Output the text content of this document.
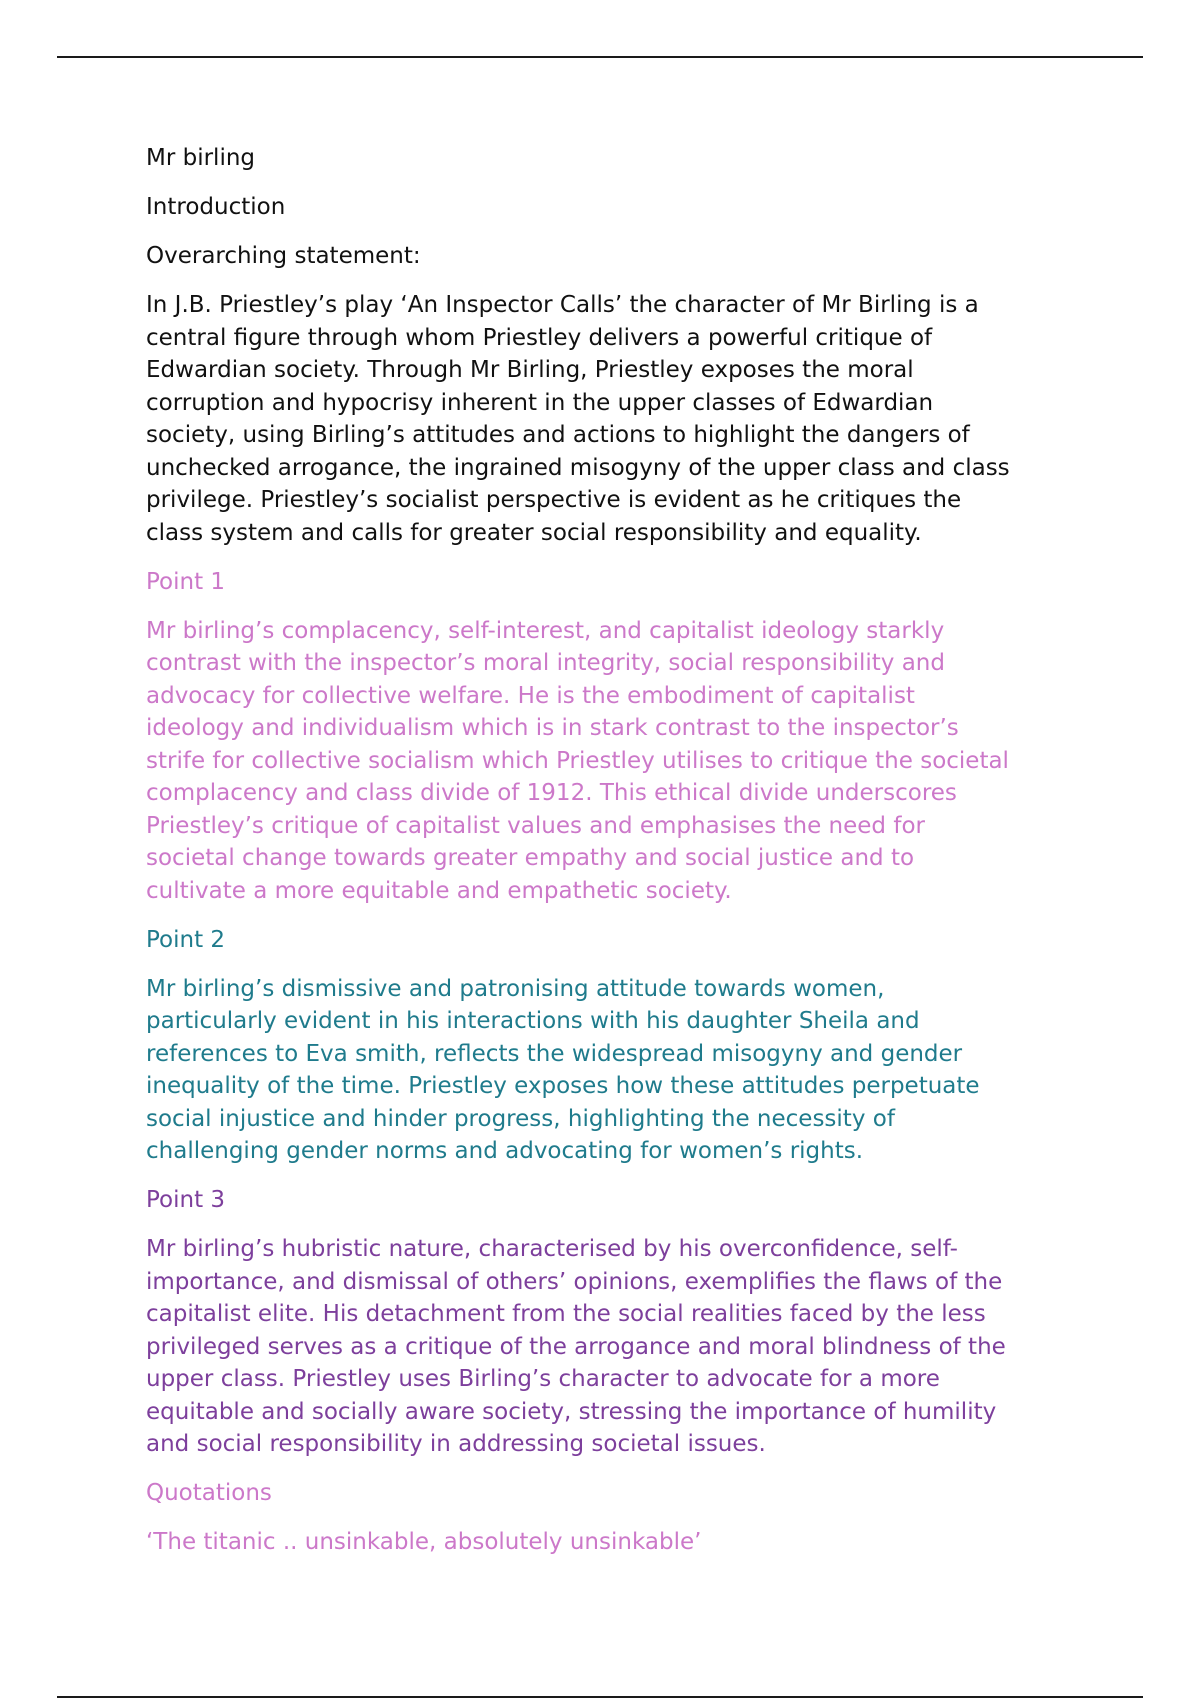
Mr birling
Introduction
Overarching statement:
In J.B. Priestley’s play ‘An Inspector Calls’ the character of Mr Birling is a
central figure through whom Priestley delivers a powerful critique of
Edwardian society. Through Mr Birling, Priestley exposes the moral
corruption and hypocrisy inherent in the upper classes of Edwardian
society, using Birling’s attitudes and actions to highlight the dangers of
unchecked arrogance, the ingrained misogyny of the upper class and class
privilege. Priestley’s socialist perspective is evident as he critiques the
class system and calls for greater social responsibility and equality.
Point 1
Mr birling’s complacency, self-interest, and capitalist ideology starkly
contrast with the inspector’s moral integrity, social responsibility and
advocacy for collective welfare. He is the embodiment of capitalist
ideology and individualism which is in stark contrast to the inspector’s
strife for collective socialism which Priestley utilises to critique the societal
complacency and class divide of 1912. This ethical divide underscores
Priestley’s critique of capitalist values and emphasises the need for
societal change towards greater empathy and social justice and to
cultivate a more equitable and empathetic society.
Point 2
Mr birling’s dismissive and patronising attitude towards women,
particularly evident in his interactions with his daughter Sheila and
references to Eva smith, reflects the widespread misogyny and gender
inequality of the time. Priestley exposes how these attitudes perpetuate
social injustice and hinder progress, highlighting the necessity of
challenging gender norms and advocating for women’s rights.
Point 3
Mr birling’s hubristic nature, characterised by his overconfidence, self-
importance, and dismissal of others’ opinions, exemplifies the flaws of the
capitalist elite. His detachment from the social realities faced by the less
privileged serves as a critique of the arrogance and moral blindness of the
upper class. Priestley uses Birling’s character to advocate for a more
equitable and socially aware society, stressing the importance of humility
and social responsibility in addressing societal issues.
Quotations
‘The titanic .. unsinkable, absolutely unsinkable’
